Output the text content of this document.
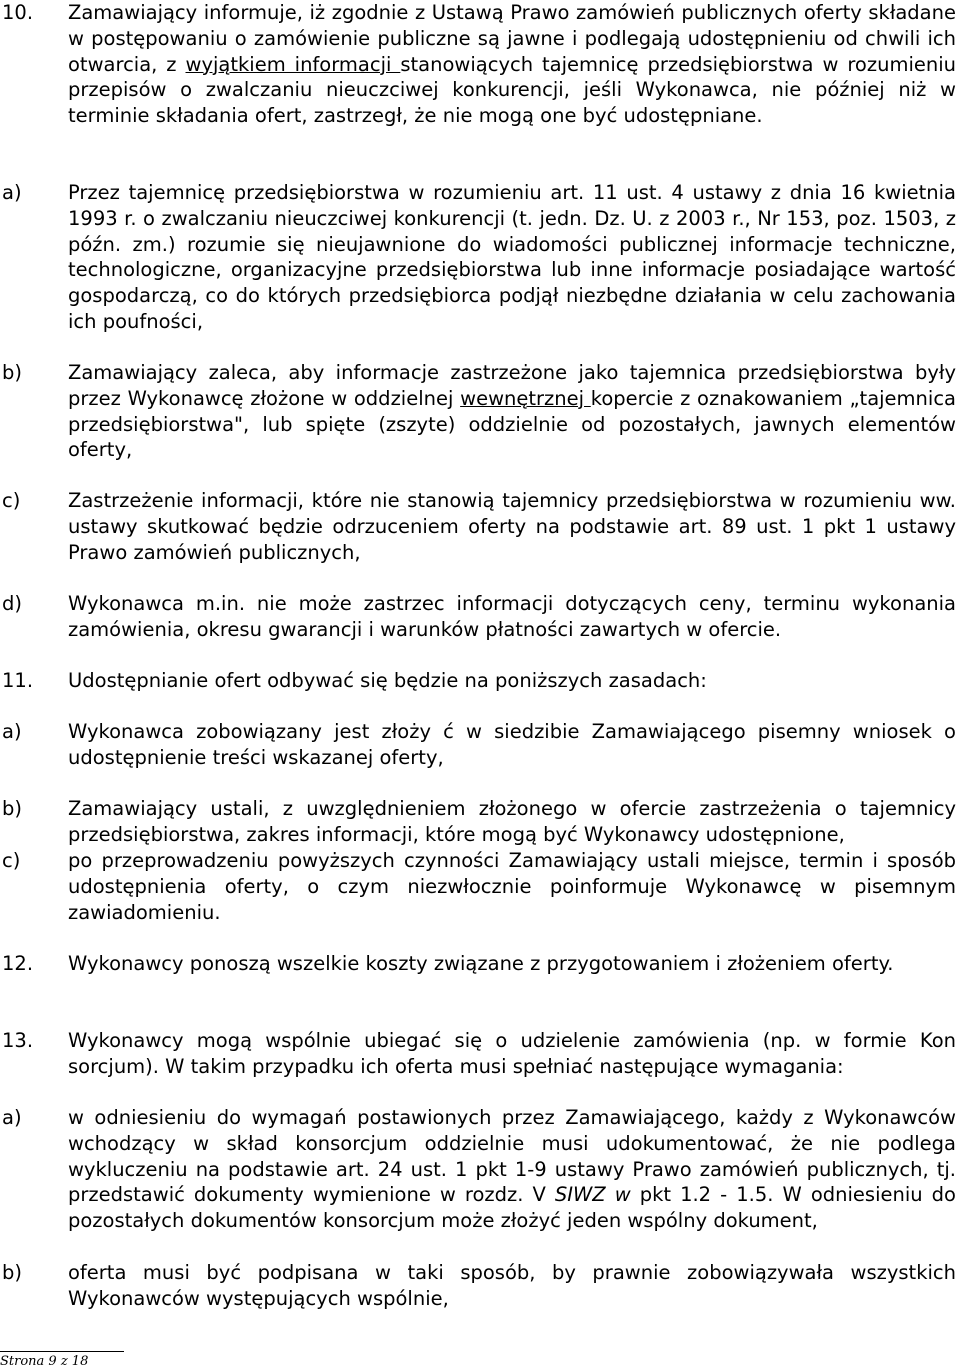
10.	Zamawiający informuje, iż zgodnie z Ustawą Prawo zamówień publicznych oferty składane w postępowaniu o zamówienie publiczne są jawne i podlegają udostępnieniu od chwili ich otwarcia, z wyjątkiem informacji stanowiących tajemnicę przedsiębiorstwa w rozumieniu przepisów o zwalczaniu nieuczciwej konkurencji, jeśli Wykonawca, nie później niż w terminie składania ofert, zastrzegł, że nie mogą one być udostępniane.
a)	Przez tajemnicę przedsiębiorstwa w rozumieniu art. 11 ust. 4 ustawy z dnia 16 kwietnia 1993 r. o zwalczaniu nieuczciwej konkurencji (t. jedn. Dz. U. z 2003 r., Nr 153, poz. 1503, z późn. zm.) rozumie się nieujawnione do wiadomości publicznej informacje techniczne, technologiczne, organizacyjne przedsiębiorstwa lub inne informacje posiadające wartość gospodarczą, co do których przedsiębiorca podjął niezbędne działania w celu zachowania ich poufności,
b)	Zamawiający zaleca, aby informacje zastrzeżone jako tajemnica przedsiębiorstwa były przez Wykonawcę złożone w oddzielnej wewnętrznej kopercie z oznakowaniem „tajemnica przedsiębiorstwa", lub spięte (zszyte) oddzielnie od pozostałych, jawnych elementów oferty,
c)	Zastrzeżenie informacji, które nie stanowią tajemnicy przedsiębiorstwa w rozumieniu ww. ustawy skutkować będzie odrzuceniem oferty na podstawie art. 89 ust. 1 pkt 1 ustawy Prawo zamówień publicznych,
d)	Wykonawca m.in. nie może zastrzec informacji dotyczących ceny, terminu wykonania zamówienia, okresu gwarancji i warunków płatności zawartych w ofercie.
11.	Udostępnianie ofert odbywać się będzie na poniższych zasadach:
a)	Wykonawca zobowiązany jest złoży ć w siedzibie Zamawiającego pisemny wniosek o udostępnienie treści wskazanej oferty,
b)	Zamawiający ustali, z uwzględnieniem złożonego w ofercie zastrzeżenia o tajemnicy przedsiębiorstwa, zakres informacji, które mogą być Wykonawcy udostępnione,
c)	po przeprowadzeniu powyższych czynności Zamawiający ustali miejsce, termin i sposób udostępnienia oferty, o czym niezwłocznie poinformuje Wykonawcę w pisemnym zawiadomieniu.
12.	Wykonawcy ponoszą wszelkie koszty związane z przygotowaniem i złożeniem oferty.
13.	Wykonawcy mogą wspólnie ubiegać się o udzielenie zamówienia (np. w formie Kon sorcjum). W takim przypadku ich oferta musi spełniać następujące wymagania:
a)	w odniesieniu do wymagań postawionych przez Zamawiającego, każdy z Wykonawców wchodzący w skład konsorcjum oddzielnie musi udokumentować, że nie podlega wykluczeniu na podstawie art. 24 ust. 1 pkt 1-9 ustawy Prawo zamówień publicznych, tj. przedstawić dokumenty wymienione w rozdz. V SIWZ w pkt 1.2 - 1.5. W odniesieniu do pozostałych dokumentów konsorcjum może złożyć jeden wspólny dokument,
b)	oferta musi być podpisana w taki sposób, by prawnie zobowiązywała wszystkich Wykonawców występujących wspólnie,
Strona 9 z 18
